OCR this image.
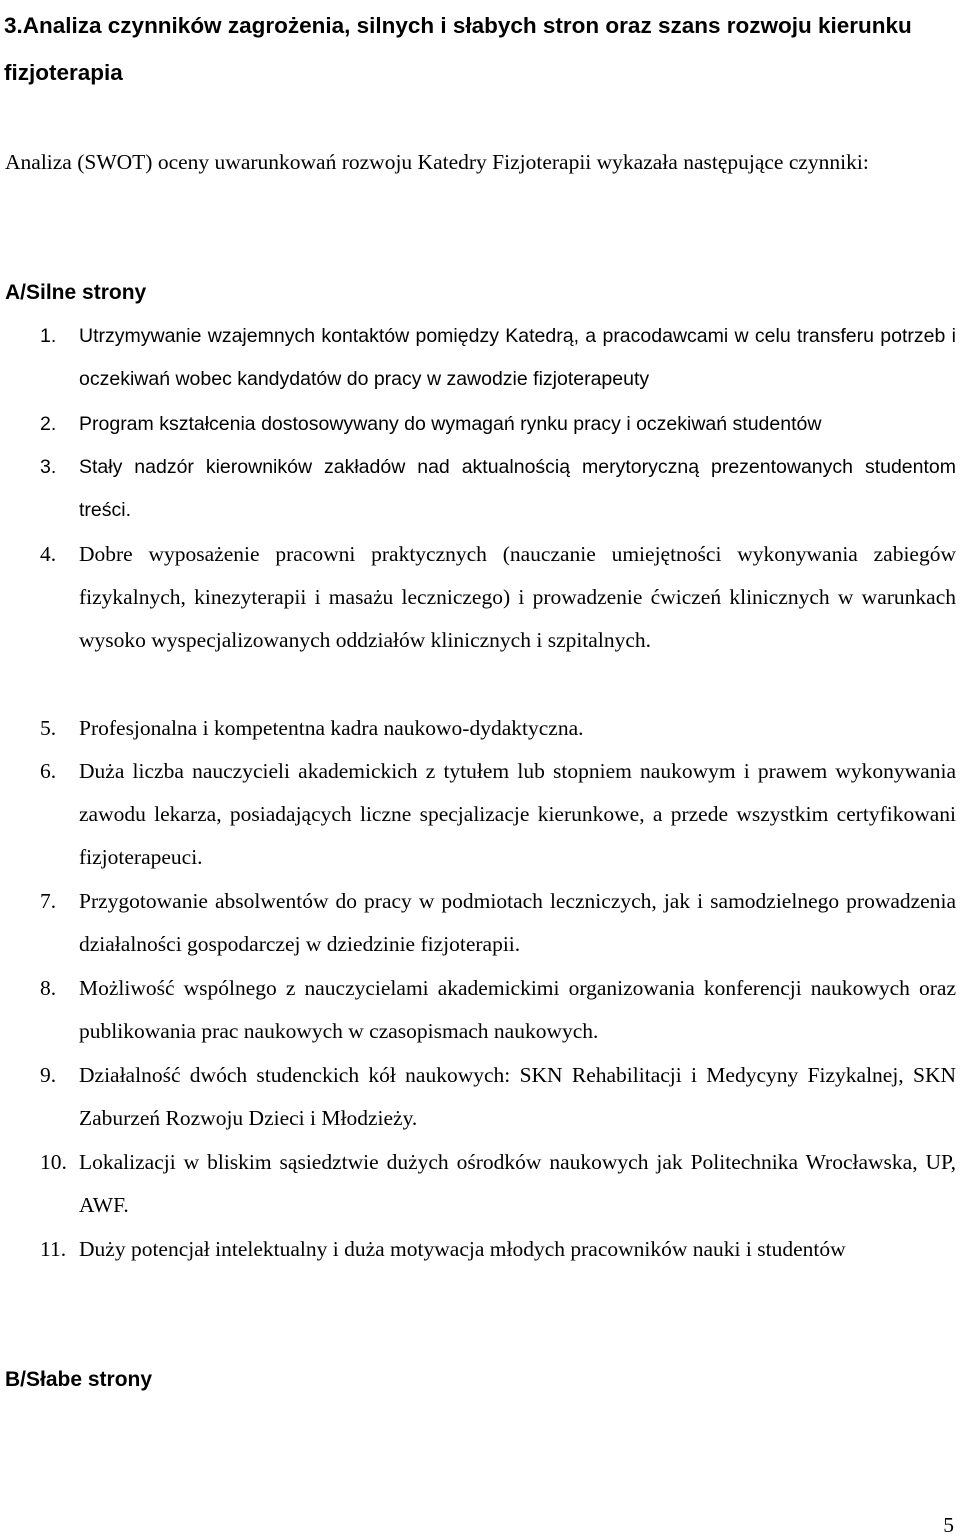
3.Analiza czynników zagrożenia, silnych i słabych stron oraz szans rozwoju kierunku fizjoterapia

Analiza (SWOT) oceny uwarunkowań rozwoju Katedry Fizjoterapii wykazała następujące czynniki:

A/Silne strony
1.	Utrzymywanie wzajemnych kontaktów pomiędzy Katedrą, a pracodawcami w celu transferu potrzeb i oczekiwań wobec kandydatów do pracy w zawodzie fizjoterapeuty

2.	Program kształcenia dostosowywany do wymagań rynku pracy i oczekiwań studentów

3.	Stały nadzór kierowników zakładów nad aktualnością merytoryczną prezentowanych studentom treści.

4.	Dobre wyposażenie pracowni praktycznych (nauczanie umiejętności wykonywania zabiegów fizykalnych, kinezyterapii i masażu leczniczego) i prowadzenie ćwiczeń klinicznych w warunkach wysoko wyspecjalizowanych oddziałów klinicznych i szpitalnych.

5.	Profesjonalna i kompetentna kadra naukowo-dydaktyczna.

6.	Duża liczba nauczycieli akademickich z tytułem lub stopniem naukowym i prawem wykonywania zawodu lekarza, posiadających liczne specjalizacje kierunkowe, a przede wszystkim certyfikowani fizjoterapeuci.

7.	Przygotowanie absolwentów do pracy w podmiotach leczniczych, jak i samodzielnego prowadzenia działalności gospodarczej w dziedzinie fizjoterapii.

8.	Możliwość wspólnego z nauczycielami akademickimi organizowania konferencji naukowych oraz publikowania prac naukowych w czasopismach naukowych.

9.	Działalność dwóch studenckich kół naukowych: SKN Rehabilitacji i Medycyny Fizykalnej, SKN Zaburzeń Rozwoju Dzieci i Młodzieży.

10. Lokalizacji w bliskim sąsiedztwie dużych ośrodków naukowych jak Politechnika Wrocławska, UP, AWF.

11. Duży potencjał intelektualny i duża motywacja młodych pracowników nauki i studentów

B/Słabe strony
5
